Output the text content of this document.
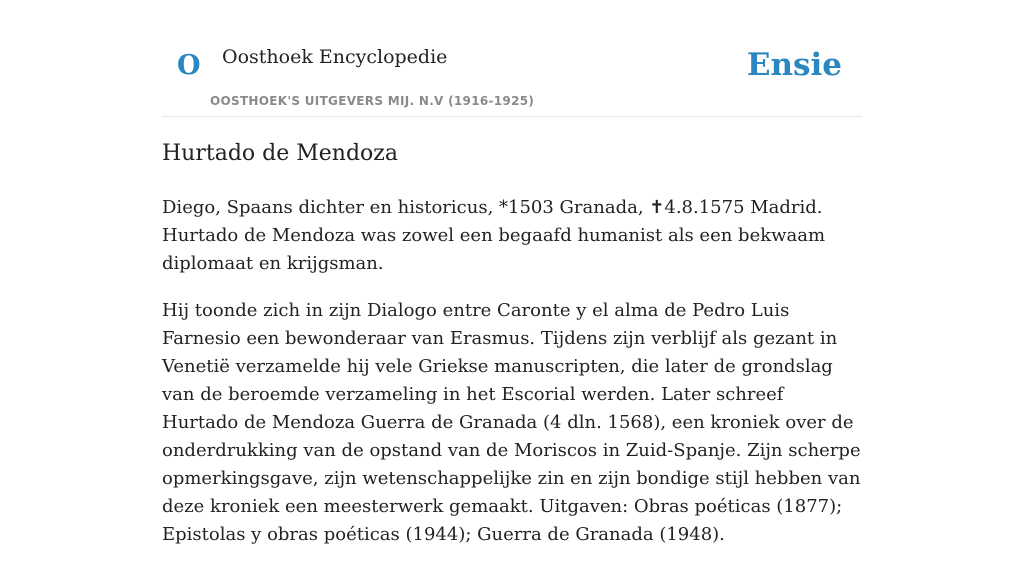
O Oosthoek Encyclopedie
OOSTHOEK'S UITGEVERS MIJ. N.V (1916-1925)
Ensie
Hurtado de Mendoza

Diego, Spaans dichter en historicus, *1503 Granada, ✝4.8.1575 Madrid. Hurtado de Mendoza was zowel een begaafd humanist als een bekwaam diplomaat en krijgsman.

Hij toonde zich in zijn Dialogo entre Caronte y el alma de Pedro Luis Farnesio een bewonderaar van Erasmus. Tijdens zijn verblijf als gezant in Venetië verzamelde hij vele Griekse manuscripten, die later de grondslag van de beroemde verzameling in het Escorial werden. Later schreef Hurtado de Mendoza Guerra de Granada (4 dln. 1568), een kroniek over de onderdrukking van de opstand van de Moriscos in Zuid-Spanje. Zijn scherpe opmerkingsgave, zijn wetenschappelijke zin en zijn bondige stijl hebben van deze kroniek een meesterwerk gemaakt. Uitgaven: Obras poéticas (1877); Epistolas y obras poéticas (1944); Guerra de Granada (1948).
